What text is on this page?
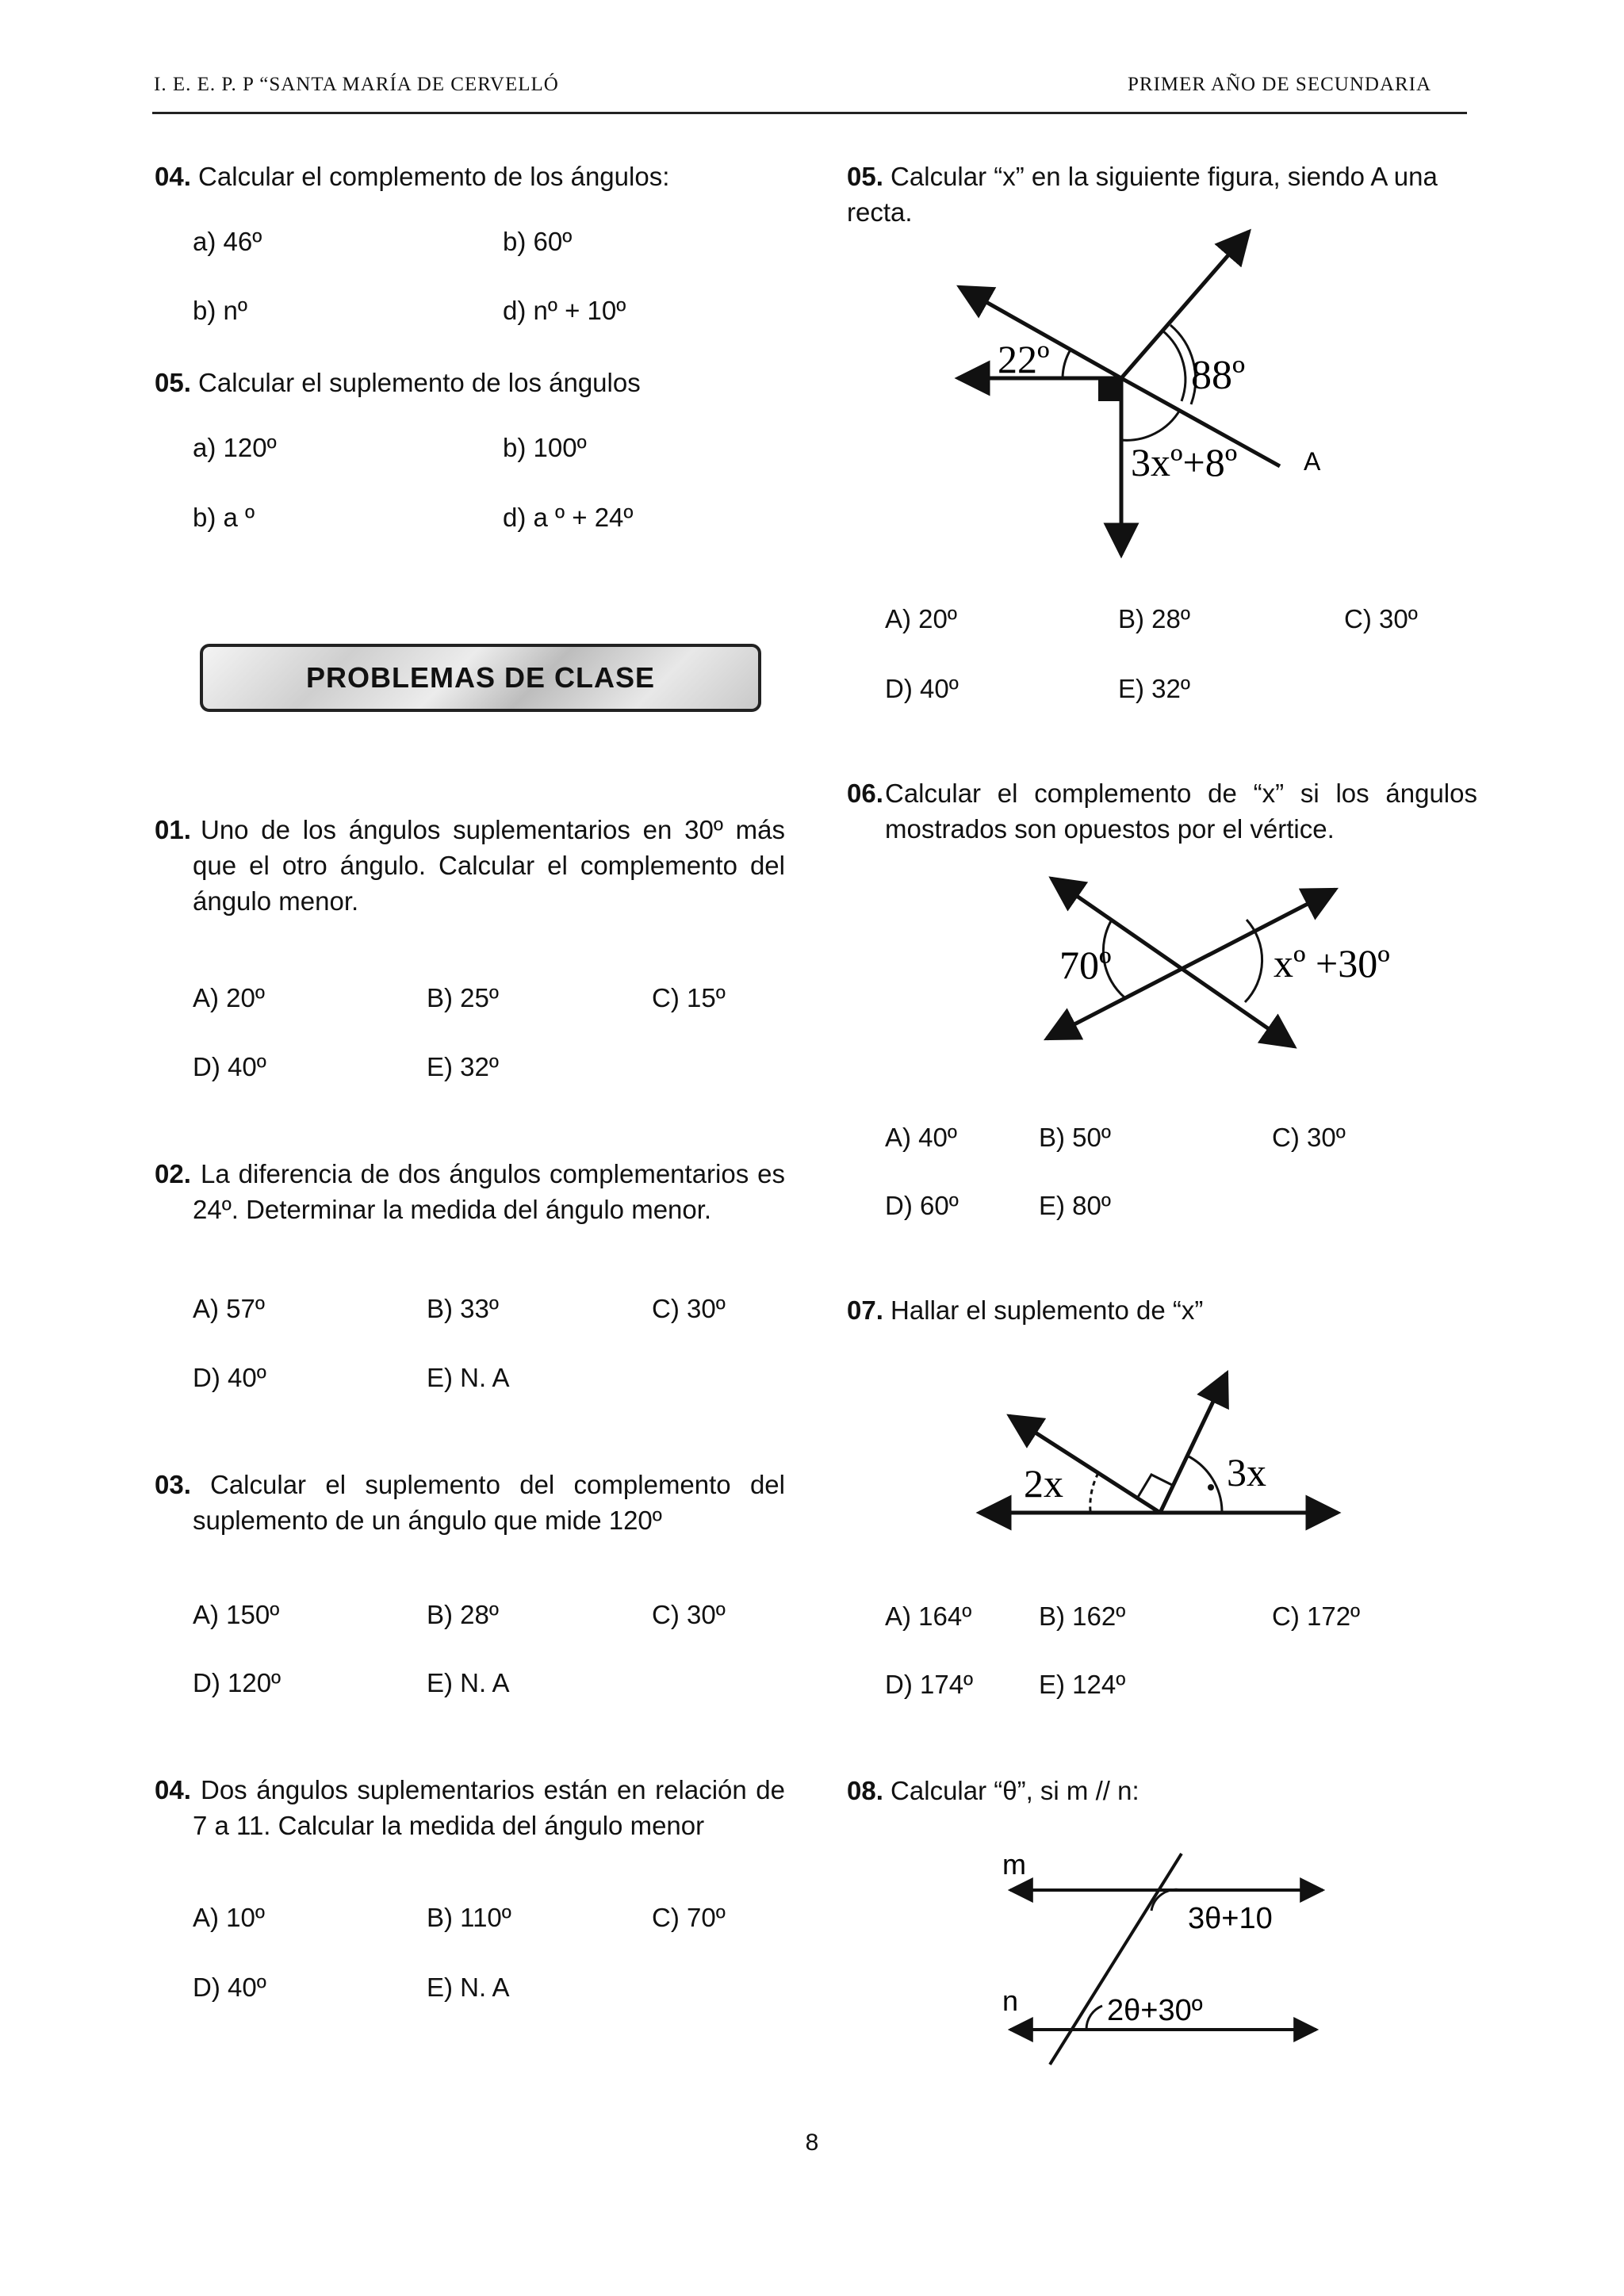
I. E. E. P. P “SANTA MARÍA DE CERVELLÓ	PRIMER AÑO DE SECUNDARIA
04. Calcular el complemento de los ángulos:
a) 46º	b) 60º
b) nº	d) nº + 10º
05. Calcular el suplemento de los ángulos
a) 120º	b) 100º
b) a º	d) a º + 24º
PROBLEMAS DE CLASE
01. Uno de los ángulos suplementarios en 30º más que el otro ángulo. Calcular el complemento del ángulo menor.
A) 20º	B) 25º	C) 15º
D) 40º	E) 32º
02. La diferencia de dos ángulos complementarios es 24º. Determinar la medida del ángulo menor.
A) 57º	B) 33º	C) 30º
D) 40º	E) N. A
03. Calcular el suplemento del complemento del suplemento de un ángulo que mide 120º
A) 150º	B) 28º	C) 30º
D) 120º	E) N. A
04. Dos ángulos suplementarios están en relación de 7 a 11. Calcular la medida del ángulo menor
A) 10º	B) 110º	C) 70º
D) 40º	E) N. A
05. Calcular “x” en la siguiente figura, siendo A una recta.
22º	88º
3xº+8º	A
A) 20º	B) 28º	C) 30º
D) 40º	E) 32º
06. Calcular el complemento de “x” si los ángulos mostrados son opuestos por el vértice.
70º	xº +30º
A) 40º	B) 50º	C) 30º
D) 60º	E) 80º
07. Hallar el suplemento de “x”
2x	3x
A) 164º	B) 162º	C) 172º
D) 174º	E) 124º
08. Calcular “θ”, si m // n:
m
n
3θ+10
2θ+30º
8
